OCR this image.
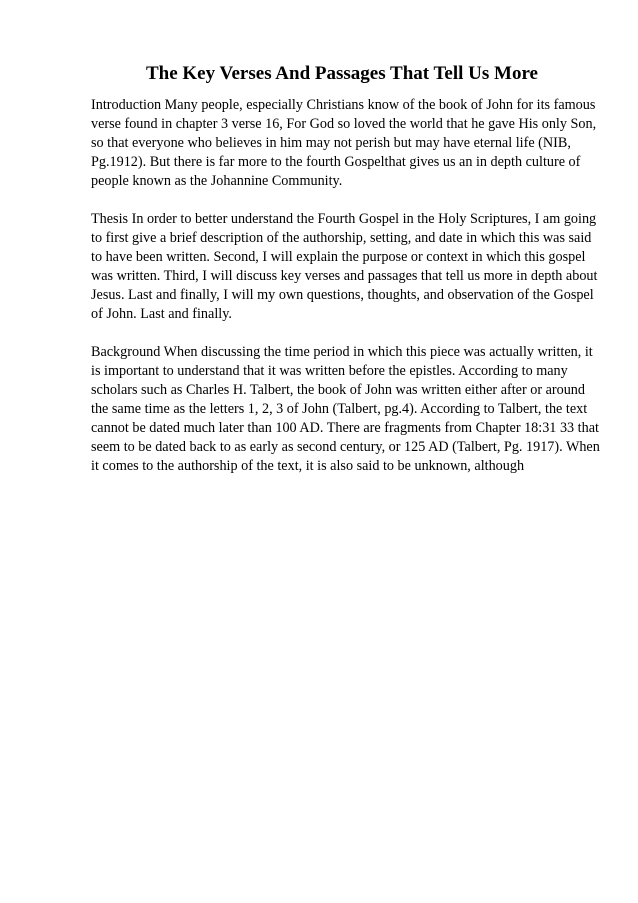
The Key Verses And Passages That Tell Us More

Introduction Many people, especially Christians know of the book of John for its famous verse found in chapter 3 verse 16, For God so loved the world that he gave His only Son, so that everyone who believes in him may not perish but may have eternal life (NIB, Pg.1912). But there is far more to the fourth Gospelthat gives us an in depth culture of people known as the Johannine Community.

Thesis In order to better understand the Fourth Gospel in the Holy Scriptures, I am going to first give a brief description of the authorship, setting, and date in which this was said to have been written. Second, I will explain the purpose or context in which this gospel was written. Third, I will discuss key verses and passages that tell us more in depth about Jesus. Last and finally, I will my own questions, thoughts, and observation of the Gospel of John. Last and finally.

Background When discussing the time period in which this piece was actually written, it is important to understand that it was written before the epistles. According to many scholars such as Charles H. Talbert, the book of John was written either after or around the same time as the letters 1, 2, 3 of John (Talbert, pg.4). According to Talbert, the text cannot be dated much later than 100 AD. There are fragments from Chapter 18:31 33 that seem to be dated back to as early as second century, or 125 AD (Talbert, Pg. 1917). When it comes to the authorship of the text, it is also said to be unknown, although
